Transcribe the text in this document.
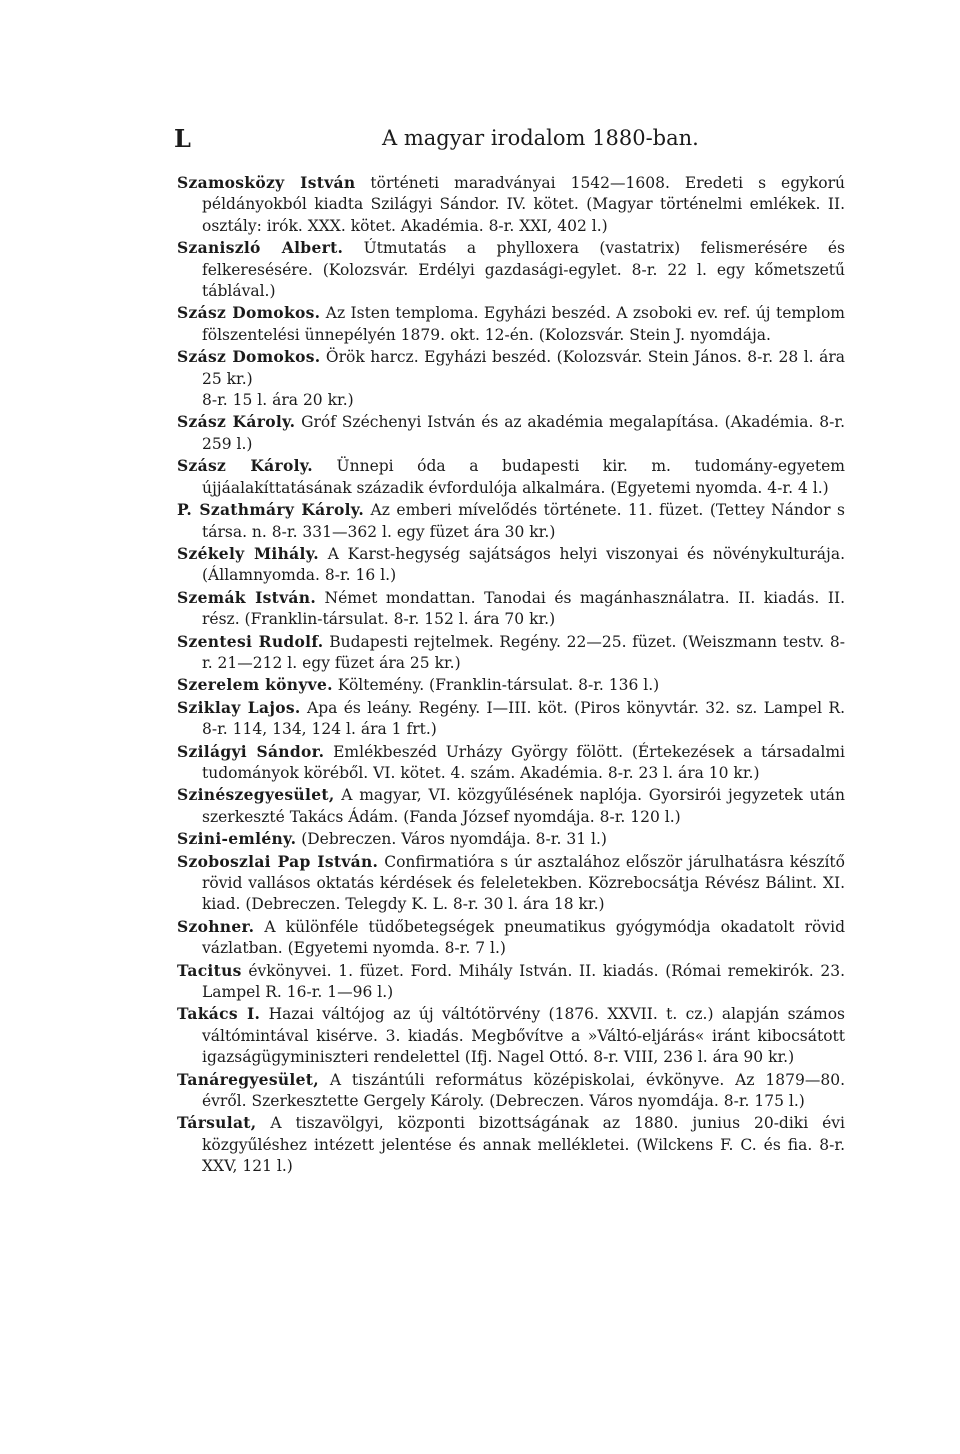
L	A magyar irodalom 1880-ban.
Szamosközy István történeti maradványai 1542—1608. Eredeti s egykorú példányokból kiadta Szilágyi Sándor. IV. kötet. (Magyar történelmi emlékek. II. osztály: irók. XXX. kötet. Akadémia. 8-r. XXI, 402 l.)
Szaniszló Albert. Útmutatás a phylloxera (vastatrix) felismerésére és felkeresésére. (Kolozsvár. Erdélyi gazdasági-egylet. 8-r. 22 l. egy kőmetszetű táblával.)
Szász Domokos. Az Isten temploma. Egyházi beszéd. A zsoboki ev. ref. új templom fölszentelési ünnepélyén 1879. okt. 12-én. (Kolozsvár. Stein J. nyomdája.
Szász Domokos. Örök harcz. Egyházi beszéd. (Kolozsvár. Stein János. 8-r. 28 l. ára 25 kr.)
8-r. 15 l. ára 20 kr.)
Szász Károly. Gróf Széchenyi István és az akadémia megalapítása. (Akadémia. 8-r. 259 l.)
Szász Károly. Ünnepi óda a budapesti kir. m. tudomány-egyetem újjáalakíttatásának századik évfordulója alkalmára. (Egyetemi nyomda. 4-r. 4 l.)
P. Szathmáry Károly. Az emberi mívelődés története. 11. füzet. (Tettey Nándor s társa. n. 8-r. 331—362 l. egy füzet ára 30 kr.)
Székely Mihály. A Karst-hegység sajátságos helyi viszonyai és növénykulturája. (Államnyomda. 8-r. 16 l.)
Szemák István. Német mondattan. Tanodai és magánhasználatra. II. kiadás. II. rész. (Franklin-társulat. 8-r. 152 l. ára 70 kr.)
Szentesi Rudolf. Budapesti rejtelmek. Regény. 22—25. füzet. (Weiszmann testv. 8-r. 21—212 l. egy füzet ára 25 kr.)
Szerelem könyve. Költemény. (Franklin-társulat. 8-r. 136 l.)
Sziklay Lajos. Apa és leány. Regény. I—III. köt. (Piros könyvtár. 32. sz. Lampel R. 8-r. 114, 134, 124 l. ára 1 frt.)
Szilágyi Sándor. Emlékbeszéd Urházy György fölött. (Értekezések a társadalmi tudományok köréből. VI. kötet. 4. szám. Akadémia. 8-r. 23 l. ára 10 kr.)
Szinészegyesület, A magyar, VI. közgyűlésének naplója. Gyorsirói jegyzetek után szerkeszté Takács Ádám. (Fanda József nyomdája. 8-r. 120 l.)
Szini-emlény. (Debreczen. Város nyomdája. 8-r. 31 l.)
Szoboszlai Pap István. Confirmatióra s úr asztalához először járulhatásra készítő rövid vallásos oktatás kérdések és feleletekben. Közrebocsátja Révész Bálint. XI. kiad. (Debreczen. Telegdy K. L. 8-r. 30 l. ára 18 kr.)
Szohner. A különféle tüdőbetegségek pneumatikus gyógymódja okadatolt rövid vázlatban. (Egyetemi nyomda. 8-r. 7 l.)
Tacitus évkönyvei. 1. füzet. Ford. Mihály István. II. kiadás. (Római remekirók. 23. Lampel R. 16-r. 1—96 l.)
Takács I. Hazai váltójog az új váltótörvény (1876. XXVII. t. cz.) alapján számos váltómintával kisérve. 3. kiadás. Megbővítve a »Váltó-eljárás« iránt kibocsátott igazságügyminiszteri rendelettel (Ifj. Nagel Ottó. 8-r. VIII, 236 l. ára 90 kr.)
Tanáregyesület, A tiszántúli református középiskolai, évkönyve. Az 1879—80. évről. Szerkesztette Gergely Károly. (Debreczen. Város nyomdája. 8-r. 175 l.)
Társulat, A tiszavölgyi, központi bizottságának az 1880. junius 20-diki évi közgyűléshez intézett jelentése és annak mellékletei. (Wilckens F. C. és fia. 8-r. XXV, 121 l.)
